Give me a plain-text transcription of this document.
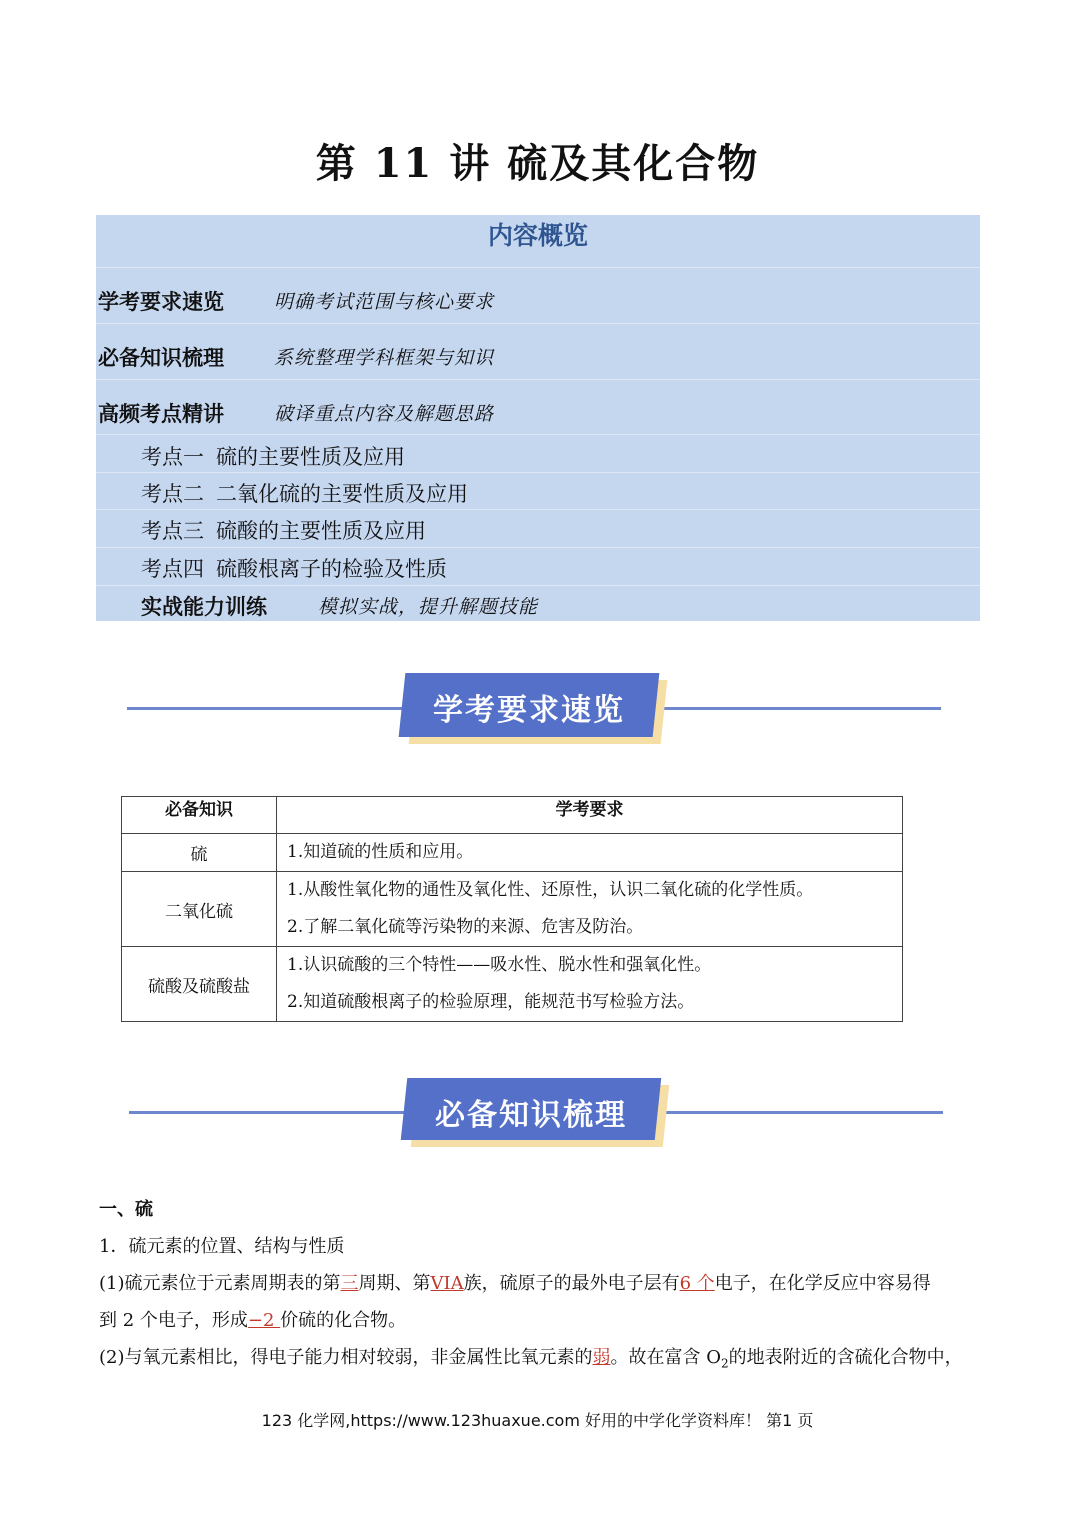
第 11 讲 硫及其化合物
内容概览
学考要求速览	明确考试范围与核心要求
必备知识梳理	系统整理学科框架与知识
高频考点精讲	破译重点内容及解题思路
考点一 硫的主要性质及应用
考点二 二氧化硫的主要性质及应用
考点三 硫酸的主要性质及应用
考点四 硫酸根离子的检验及性质
实战能力训练	模拟实战，提升解题技能
学考要求速览
必备知识	学考要求
硫	1.知道硫的性质和应用。

二氧化硫	1.从酸性氧化物的通性及氧化性、还原性，认识二氧化硫的化学性质。
2.了解二氧化硫等污染物的来源、危害及防治。

硫酸及硫酸盐	1.认识硫酸的三个特性——吸水性、脱水性和强氧化性。
2.知道硫酸根离子的检验原理，能规范书写检验方法。
必备知识梳理
一、硫
1．硫元素的位置、结构与性质
(1)硫元素位于元素周期表的第三周期、第VIA族，硫原子的最外电子层有6 个电子，在化学反应中容易得
到 2 个电子，形成−2 价硫的化合物。
(2)与氧元素相比，得电子能力相对较弱，非金属性比氧元素的弱。故在富含 $O_2$的地表附近的含硫化合物中，
123 化学网,https://www.123huaxue.com 好用的中学化学资料库！ 第1 页
